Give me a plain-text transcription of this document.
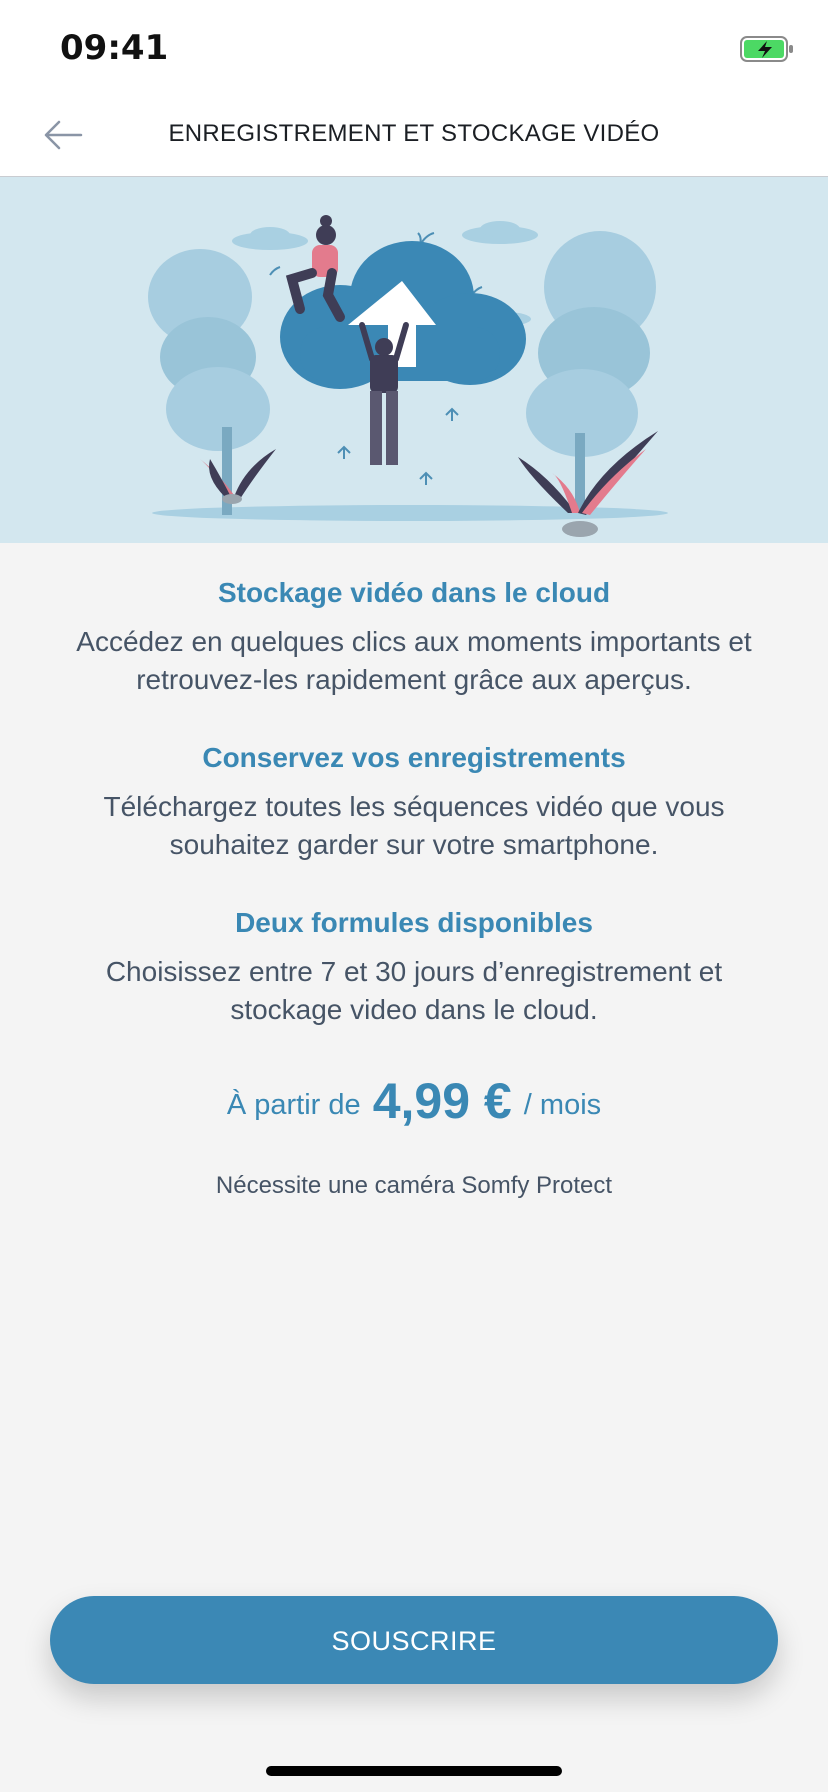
09:41
ENREGISTREMENT ET STOCKAGE VIDÉO
Stockage vidéo dans le cloud

Accédez en quelques clics aux moments importants et

retrouvez-les rapidement grâce aux aperçus.

Conservez vos enregistrements

Téléchargez toutes les séquences vidéo que vous

souhaitez garder sur votre smartphone.

Deux formules disponibles

Choisissez entre 7 et 30 jours d’enregistrement et

stockage video dans le cloud.

À partir de 4,99 € / mois
Nécessite une caméra Somfy Protect
SOUSCRIRE
